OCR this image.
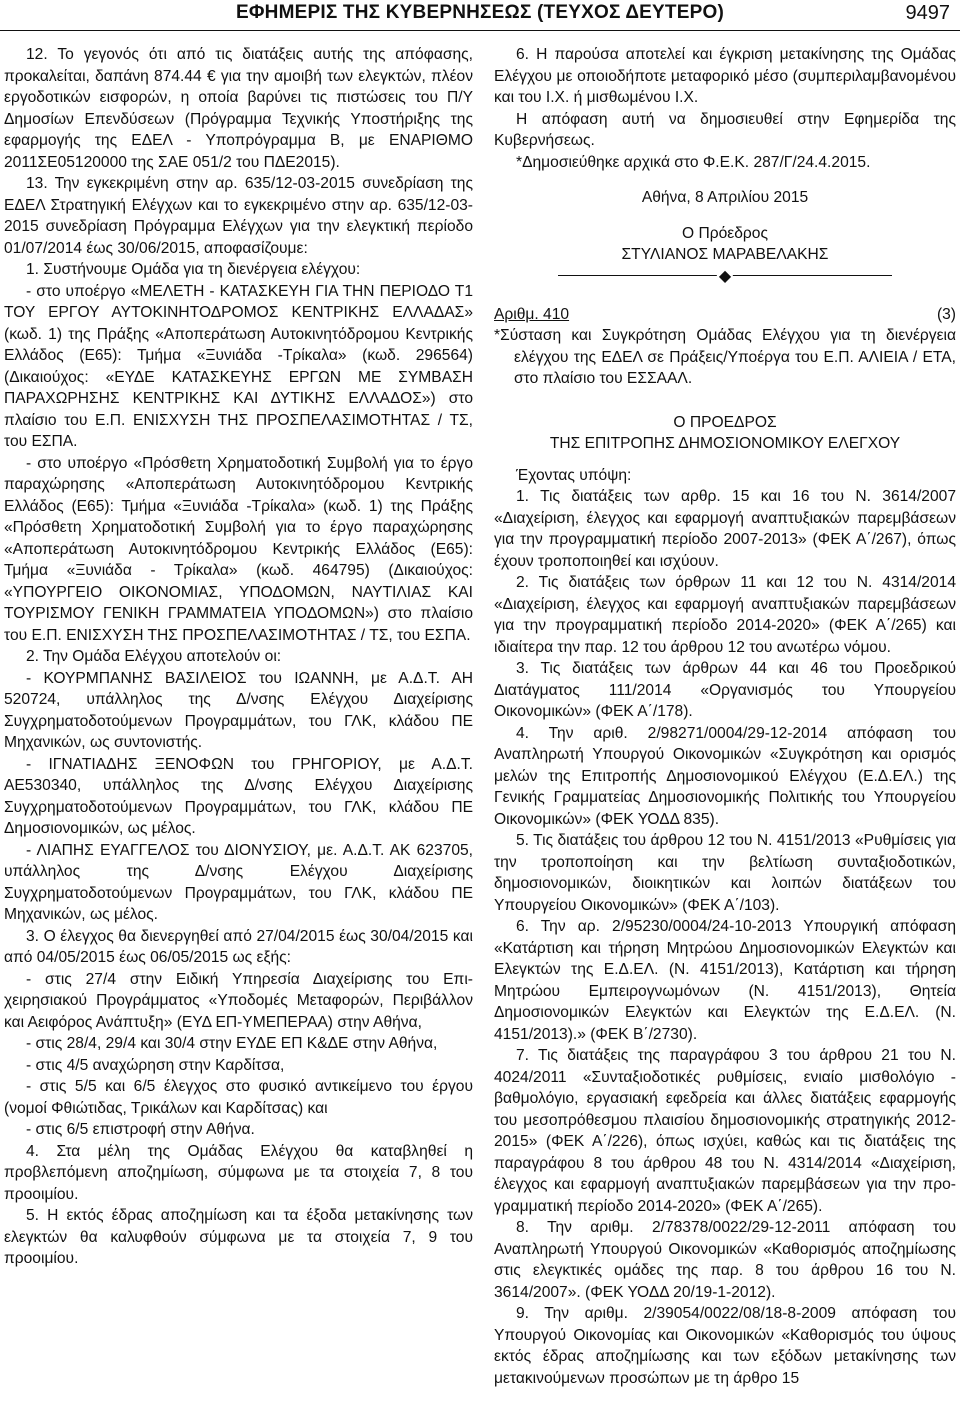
ΕΦΗΜΕΡΙΣ ΤΗΣ ΚΥΒΕΡΝΗΣΕΩΣ (ΤΕΥΧΟΣ ΔΕΥΤΕΡΟ)	9497

12. Το γεγονός ότι από τις διατάξεις αυτής της απόφασης, προκαλείται, δαπάνη 874.44 € για την αμοιβή των ελεγκτών, πλέον εργοδοτικών εισφορών, η οποία βαρύνει τις πιστώσεις του Π/Υ Δημοσίων Επενδύσεων (Πρόγραμμα Τεχνικής Υποστήριξης της εφαρμογής της ΕΔΕΛ - Υποπρόγραμμα Β, με ΕΝΑΡΙΘΜΟ 2011ΣΕ05120000 της ΣΑΕ 051/2 του ΠΔΕ2015).

13. Την εγκεκριμένη στην αρ. 635/12-03-2015 συνεδρίαση της ΕΔΕΛ Στρατηγική Ελέγχων και το εγκεκριμένο στην αρ. 635/12-03-2015 συνεδρίαση Πρόγραμμα Ελέγχων για την ελεγκτική περίοδο 01/07/2014 έως 30/06/2015, αποφασίζουμε:

1. Συστήνουμε Ομάδα για τη διενέργεια ελέγχου:

- στο υποέργο «ΜΕΛΕΤΗ - ΚΑΤΑΣΚΕΥΗ ΓΙΑ ΤΗΝ ΠΕΡΙΟΔΟ Τ1 ΤΟΥ ΕΡΓΟΥ ΑΥΤΟΚΙΝΗΤΟΔΡΟΜΟΣ ΚΕΝΤΡΙΚΗΣ ΕΛΛΑΔΑΣ» (κωδ. 1) της Πράξης «Αποπεράτωση Αυτοκινητόδρομου Κεντρικής Ελλάδος (Ε65): Τμήμα «Ξυνιάδα -Τρίκαλα» (κωδ. 296564) (Δικαιούχος: «ΕΥΔΕ ΚΑΤΑΣΚΕΥΗΣ ΕΡΓΩΝ ΜΕ ΣΥΜΒΑΣΗ ΠΑΡΑΧΩΡΗΣΗΣ ΚΕΝΤΡΙΚΗΣ ΚΑΙ ΔΥΤΙΚΗΣ ΕΛΛΑΔΟΣ») στο πλαίσιο του Ε.Π. ΕΝΙΣΧΥΣΗ ΤΗΣ ΠΡΟΣΠΕΛΑΣΙΜΟΤΗΤΑΣ / ΤΣ, του ΕΣΠΑ.

- στο υποέργο «Πρόσθετη Χρηματοδοτική Συμβολή για το έργο παραχώρησης «Αποπεράτωση Αυτοκινητόδρομου Κεντρικής Ελλάδος (Ε65): Τμήμα «Ξυνιάδα -Τρίκαλα» (κωδ. 1) της Πράξης «Πρόσθετη Χρηματοδοτική Συμβολή για το έργο παραχώρησης «Αποπεράτωση Αυτοκινητόδρομου Κεντρικής Ελλάδος (Ε65): Τμήμα «Ξυνιάδα - Τρίκαλα» (κωδ. 464795) (Δικαιούχος: «ΥΠΟΥΡΓΕΙΟ ΟΙΚΟΝΟΜΙΑΣ, ΥΠΟΔΟΜΩΝ, ΝΑΥΤΙΛΙΑΣ ΚΑΙ ΤΟΥΡΙΣΜΟΥ ΓΕΝΙΚΗ ΓΡΑΜΜΑΤΕΙΑ ΥΠΟΔΟΜΩΝ») στο πλαίσιο του Ε.Π. ΕΝΙΣΧΥΣΗ ΤΗΣ ΠΡΟΣΠΕΛΑΣΙΜΟΤΗΤΑΣ / ΤΣ, του ΕΣΠΑ.

2. Την Ομάδα Ελέγχου αποτελούν οι:

- ΚΟΥΡΜΠΑΝΗΣ ΒΑΣΙΛΕΙΟΣ του ΙΩΑΝΝΗ, με Α.Δ.Τ. ΑΗ 520724, υπάλληλος της Δ/νσης Ελέγχου Διαχείρισης Συγχρηματοδοτούμενων Προγραμμάτων, του ΓΛΚ, κλάδου ΠΕ Μηχανικών, ως συντονιστής.

- ΙΓΝΑΤΙΑΔΗΣ ΞΕΝΟΦΩΝ του ΓΡΗΓΟΡΙΟΥ, με Α.Δ.Τ. ΑΕ530340, υπάλληλος της Δ/νσης Ελέγχου Διαχείρισης Συγχρηματοδοτούμενων Προγραμμάτων, του ΓΛΚ, κλάδου ΠΕ Δημοσιονομικών, ως μέλος.

- ΛΙΑΠΗΣ ΕΥΑΓΓΕΛΟΣ του ΔΙΟΝΥΣΙΟΥ, με. Α.Δ.Τ. ΑΚ 623705, υπάλληλος της Δ/νσης Ελέγχου Διαχείρισης Συγχρηματοδοτούμενων Προγραμμάτων, του ΓΛΚ, κλάδου ΠΕ Μηχανικών, ως μέλος.

3. Ο έλεγχος θα διενεργηθεί από 27/04/2015 έως 30/04/2015 και από 04/05/2015 έως 06/05/2015 ως εξής:

- στις 27/4 στην Ειδική Υπηρεσία Διαχείρισης του Επιχειρησιακού Προγράμματος «Υποδομές Μεταφορών, Περιβάλλον και Αειφόρος Ανάπτυξη» (ΕΥΔ ΕΠ-ΥΜΕΠΕΡΑΑ) στην Αθήνα,

- στις 28/4, 29/4 και 30/4 στην ΕΥΔΕ ΕΠ Κ&ΔΕ στην Αθήνα,

- στις 4/5 αναχώρηση στην Καρδίτσα,

- στις 5/5 και 6/5 έλεγχος στο φυσικό αντικείμενο του έργου (νομοί Φθιώτιδας, Τρικάλων και Καρδίτσας) και

- στις 6/5 επιστροφή στην Αθήνα.

4. Στα μέλη της Ομάδας Ελέγχου θα καταβληθεί η προβλεπόμενη αποζημίωση, σύμφωνα με τα στοιχεία 7, 8 του προοιμίου.

5. Η εκτός έδρας αποζημίωση και τα έξοδα μετακίνησης των ελεγκτών θα καλυφθούν σύμφωνα με τα στοιχεία 7, 9 του προοιμίου.

6. Η παρούσα αποτελεί και έγκριση μετακίνησης της Ομάδας Ελέγχου με οποιοδήποτε μεταφορικό μέσο (συμπεριλαμβανομένου και του Ι.Χ. ή μισθωμένου Ι.Χ.

Η απόφαση αυτή να δημοσιευθεί στην Εφημερίδα της Κυβερνήσεως.

*Δημοσιεύθηκε αρχικά στο Φ.Ε.Κ. 287/Γ/24.4.2015.

Αθήνα, 8 Απριλίου 2015

Ο Πρόεδρος

ΣΤΥΛΙΑΝΟΣ ΜΑΡΑΒΕΛΑΚΗΣ

◆
Αριθμ. 410	(3)

*Σύσταση και Συγκρότηση Ομάδας Ελέγχου για τη διενέργεια ελέγχου της ΕΔΕΛ σε Πράξεις/Υποέργα του Ε.Π. ΑΛΙΕΙΑ / ΕΤΑ, στο πλαίσιο του ΕΣΣΑΑΛ.

Ο ΠΡΟΕΔΡΟΣ

ΤΗΣ ΕΠΙΤΡΟΠΗΣ ΔΗΜΟΣΙΟΝΟΜΙΚΟΥ ΕΛΕΓΧΟΥ

Έχοντας υπόψη:

1. Τις διατάξεις των αρθρ. 15 και 16 του Ν. 3614/2007 «Διαχείριση, έλεγχος και εφαρμογή αναπτυξιακών παρεμβάσεων για την προγραμματική περίοδο 2007-2013» (ΦΕΚ Α΄/267), όπως έχουν τροποποιηθεί και ισχύουν.

2. Τις διατάξεις των όρθρων 11 και 12 του Ν. 4314/2014 «Διαχείριση, έλεγχος και εφαρμογή αναπτυξιακών παρεμβάσεων για την προγραμματική περίοδο 2014-2020» (ΦΕΚ Α΄/265) και ιδιαίτερα την παρ. 12 του άρθρου 12 του ανωτέρω νόμου.

3. Τις διατάξεις των άρθρων 44 και 46 του Προεδρικού Διατάγματος 111/2014 «Οργανισμός του Υπουργείου Οικονομικών» (ΦΕΚ Α΄/178).

4. Την αριθ. 2/98271/0004/29-12-2014 απόφαση του Αναπληρωτή Υπουργού Οικονομικών «Συγκρότηση και ορισμός μελών της Επιτροπής Δημοσιονομικού Ελέγχου (Ε.Δ.ΕΛ.) της Γενικής Γραμματείας Δημοσιονομικής Πολιτικής του Υπουργείου Οικονομικών» (ΦΕΚ ΥΟΔΔ 835).

5. Τις διατάξεις του άρθρου 12 του Ν. 4151/2013 «Ρυθμίσεις για την τροποποίηση και την βελτίωση συνταξιοδοτικών, δημοσιονομικών, διοικητικών και λοιπών διατάξεων του Υπουργείου Οικονομικών» (ΦΕΚ Α΄/103).

6. Την αρ. 2/95230/0004/24-10-2013 Υπουργική απόφαση «Κατάρτιση και τήρηση Μητρώου Δημοσιονομικών Ελεγκτών και Ελεγκτών της Ε.Δ.ΕΛ. (Ν. 4151/2013), Κατάρτιση και τήρηση Μητρώου Εμπειρογνωμόνων (Ν. 4151/2013), Θητεία Δημοσιονομικών Ελεγκτών και Ελεγκτών της Ε.Δ.ΕΛ. (Ν. 4151/2013).» (ΦΕΚ Β΄/2730).

7. Τις διατάξεις της παραγράφου 3 του άρθρου 21 του Ν. 4024/2011 «Συνταξιοδοτικές ρυθμίσεις, ενιαίο μισθολόγιο - βαθμολόγιο, εργασιακή εφεδρεία και άλλες διατάξεις εφαρμογής του μεσοπρόθεσμου πλαισίου δημοσιονομικής στρατηγικής 2012-2015» (ΦΕΚ Α΄/226), όπως ισχύει, καθώς και τις διατάξεις της παραγράφου 8 του άρθρου 48 του Ν. 4314/2014 «Διαχείριση, έλεγχος και εφαρμογή αναπτυξιακών παρεμβάσεων για την προγραμματική περίοδο 2014-2020» (ΦΕΚ Α΄/265).

8. Την αριθμ. 2/78378/0022/29-12-2011 απόφαση του Αναπληρωτή Υπουργού Οικονομικών «Καθορισμός αποζημίωσης στις ελεγκτικές ομάδες της παρ. 8 του άρθρου 16 του Ν. 3614/2007». (ΦΕΚ ΥΟΔΔ 20/19-1-2012).

9. Την αριθμ. 2/39054/0022/08/18-8-2009 απόφαση του Υπουργού Οικονομίας και Οικονομικών «Καθορισμός του ύψους εκτός έδρας αποζημίωσης και των εξόδων μετακίνησης των μετακινούμενων προσώπων με τη άρθρο 15
